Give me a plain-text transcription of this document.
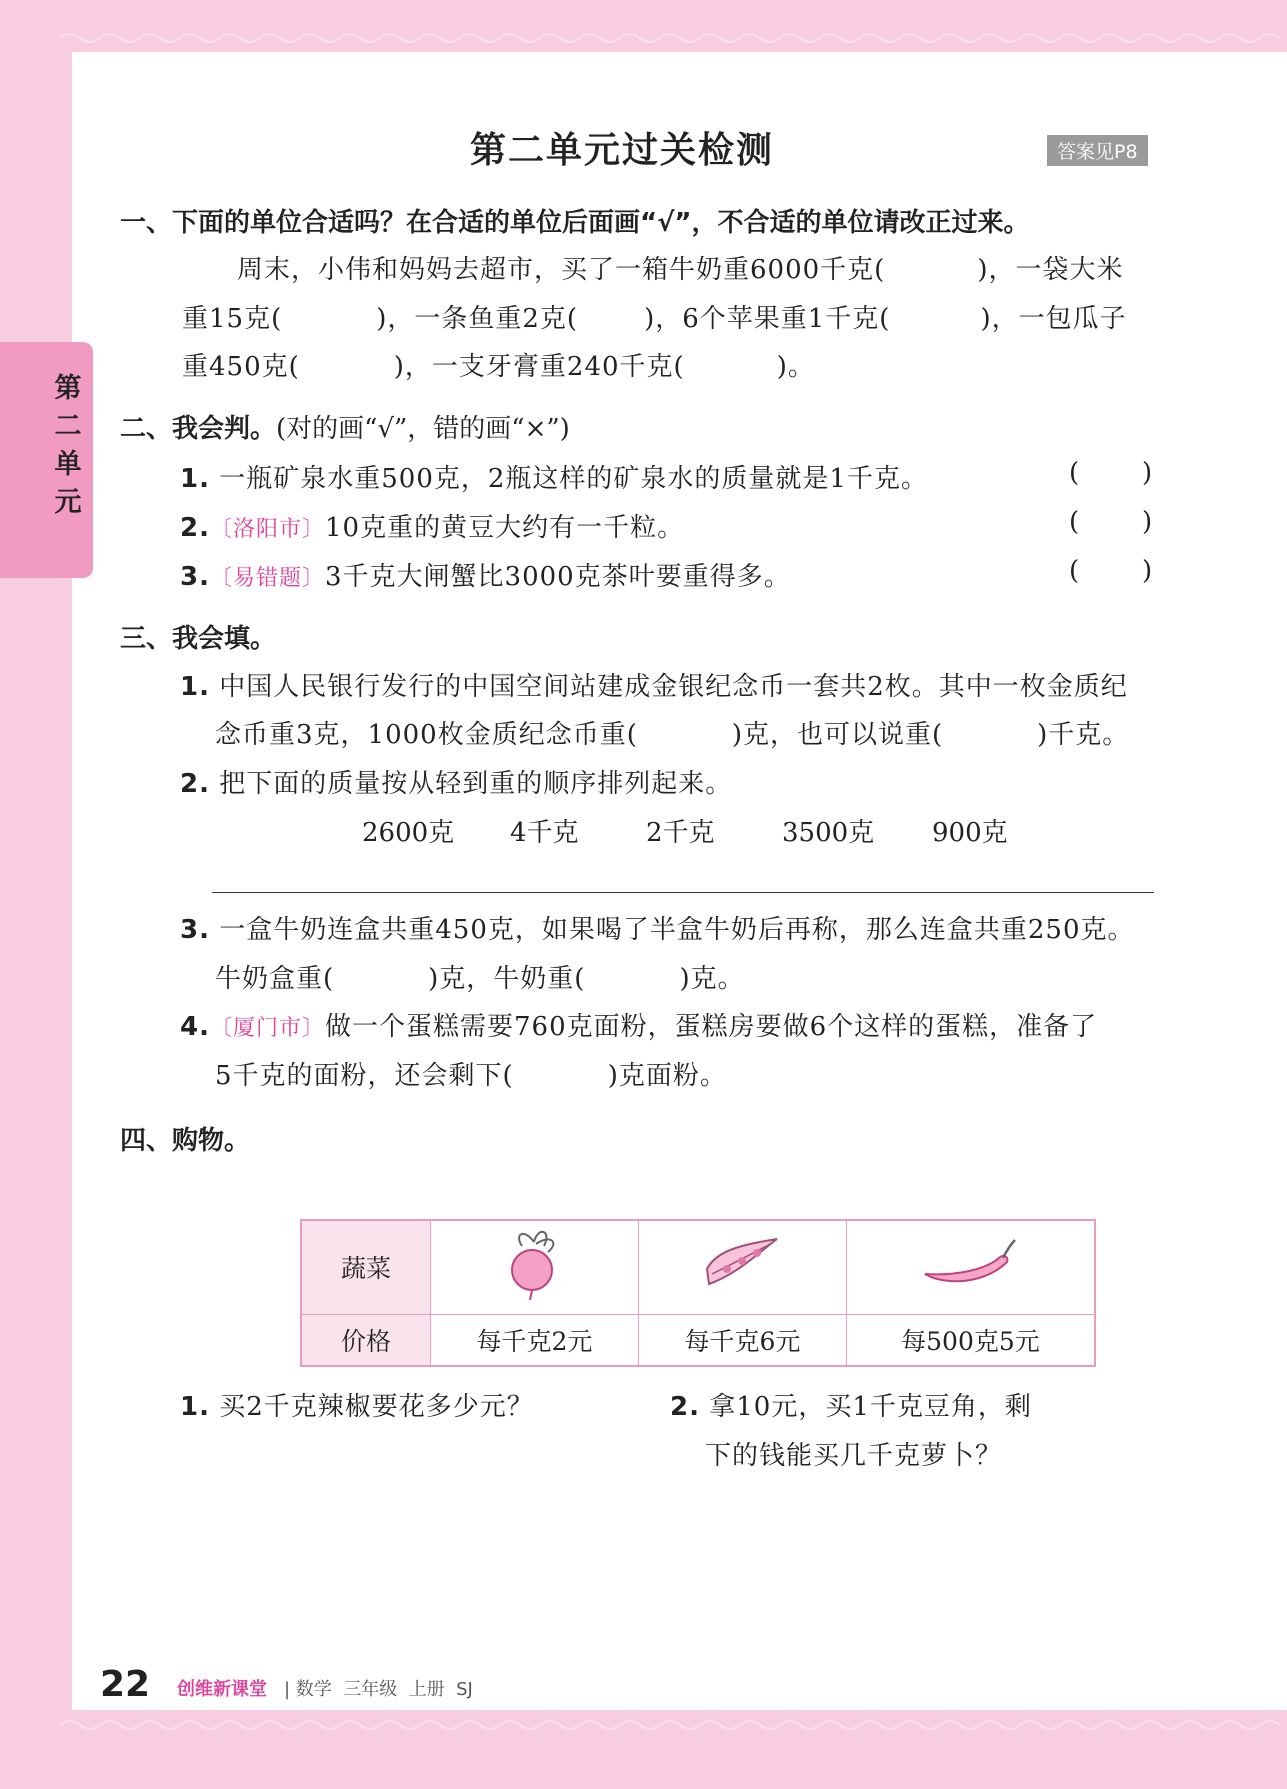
第二单元过关检测	答案见P8
一、下面的单位合适吗？在合适的单位后面画“√”，不合适的单位请改正过来。
周末，小伟和妈妈去超市，买了一箱牛奶重6000千克(	)，一袋大米
重15克(	)，一条鱼重2克(	)，6个苹果重1千克(	)，一包瓜子
重450克(	)，一支牙膏重240千克(	)。
二、我会判。(对的画“√”，错的画“×”)
1. 一瓶矿泉水重500克，2瓶这样的矿泉水的质量就是1千克。
2.〔洛阳市〕10克重的黄豆大约有一千粒。
3.〔易错题〕3千克大闸蟹比3000克茶叶要重得多。
( )
( )
( )
三、我会填。
1. 中国人民银行发行的中国空间站建成金银纪念币一套共2枚。其中一枚金质纪
念币重3克，1000枚金质纪念币重(	)克，也可以说重(	)千克。
2. 把下面的质量按从轻到重的顺序排列起来。
2600克 4千克	2千克	3500克 900克
3. 一盒牛奶连盒共重450克，如果喝了半盒牛奶后再称，那么连盒共重250克。
牛奶盒重(	)克，牛奶重(	)克。
4.〔厦门市〕做一个蛋糕需要760克面粉，蛋糕房要做6个这样的蛋糕，准备了
5千克的面粉，还会剩下(	)克面粉。
四、购物。
蔬菜			
价格	每千克2元	每千克6元	每500克5元
1. 买2千克辣椒要花多少元？	2. 拿10元，买1千克豆角，剩
下的钱能买几千克萝卜？
22 创维新课堂 | 数学  三年级  上册  SJ
第二单元
